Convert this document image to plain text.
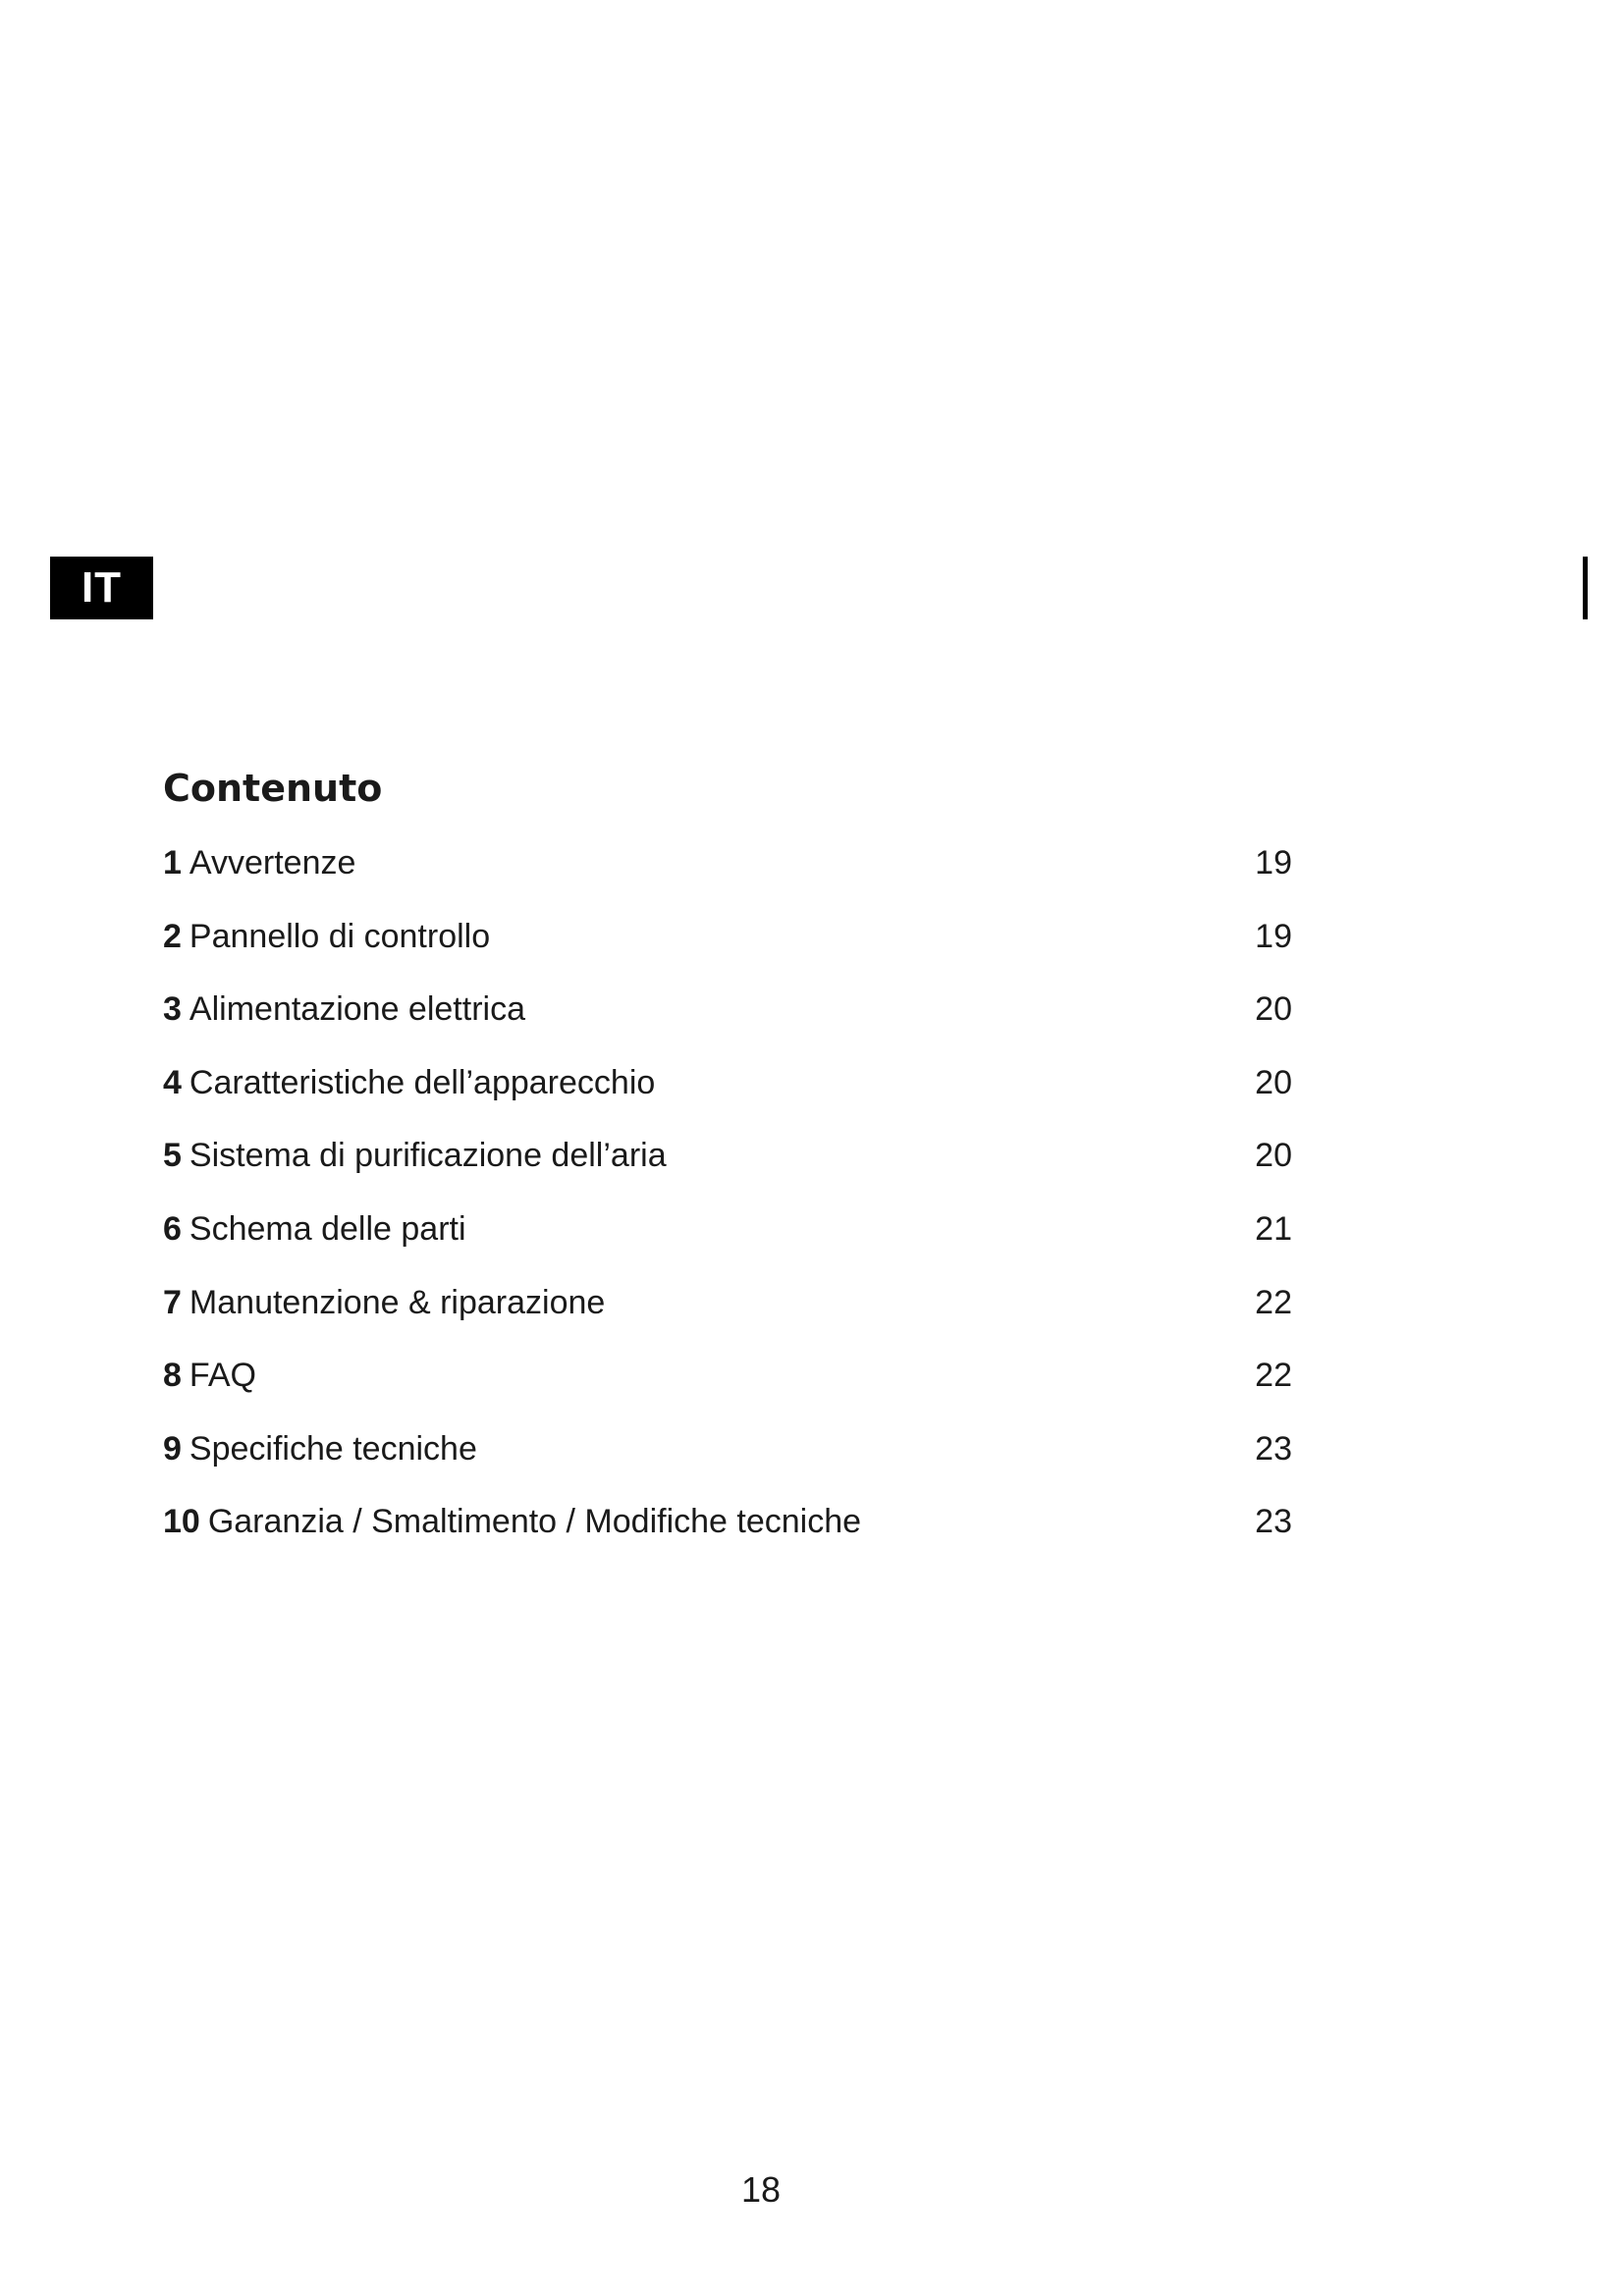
IT
Contenuto
1 Avvertenze	19
2 Pannello di controllo	19
3 Alimentazione elettrica	20
4 Caratteristiche dell’apparecchio	20
5 Sistema di purificazione dell’aria	20
6 Schema delle parti	21
7 Manutenzione & riparazione	22
8 FAQ	22
9 Specifiche tecniche	23
10 Garanzia / Smaltimento / Modifiche tecniche	23
18
